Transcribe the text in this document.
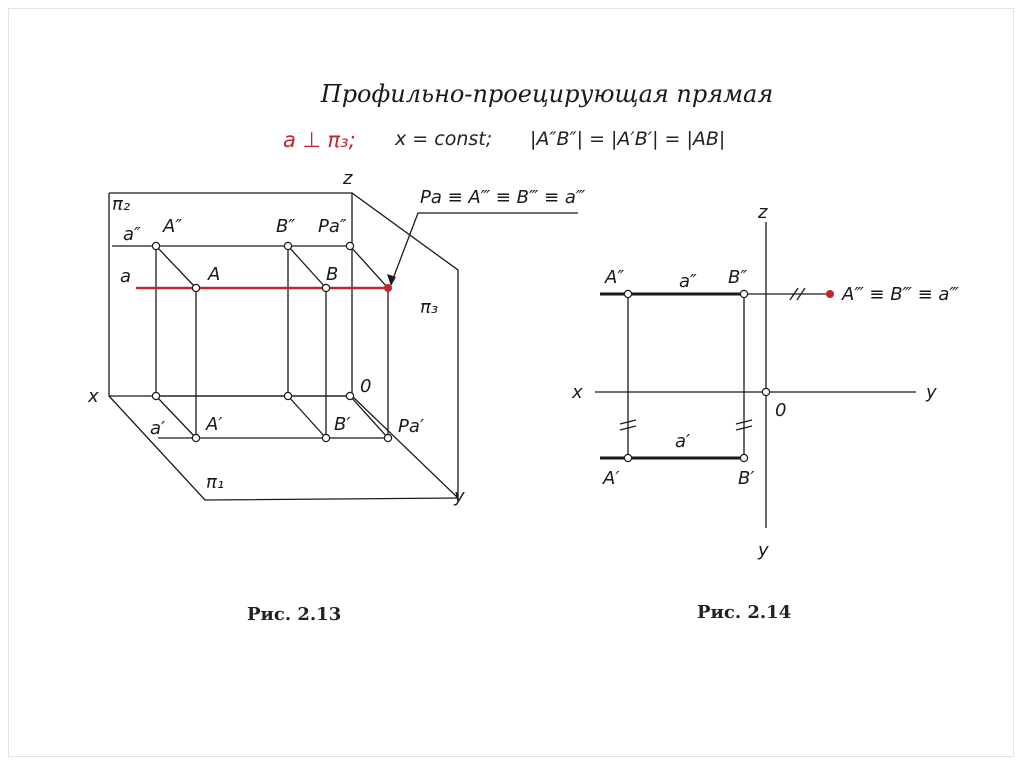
Профильно-проецирующая прямая
a ⊥ π₃; x = const; |A″B″| = |A′B′| = |AB|
π₂
z
a″ A″	B″ Pa″
a	A	B
π₃
x	0
a′ A′	B′	Pa′
π₁
y
Pa ≡ A‴ ≡ B‴ ≡ a‴
z
A″	a″ B″
A‴ ≡ B‴ ≡ a‴
x	y
0
a′
A′	B′
y
Рис. 2.13	Рис. 2.14
